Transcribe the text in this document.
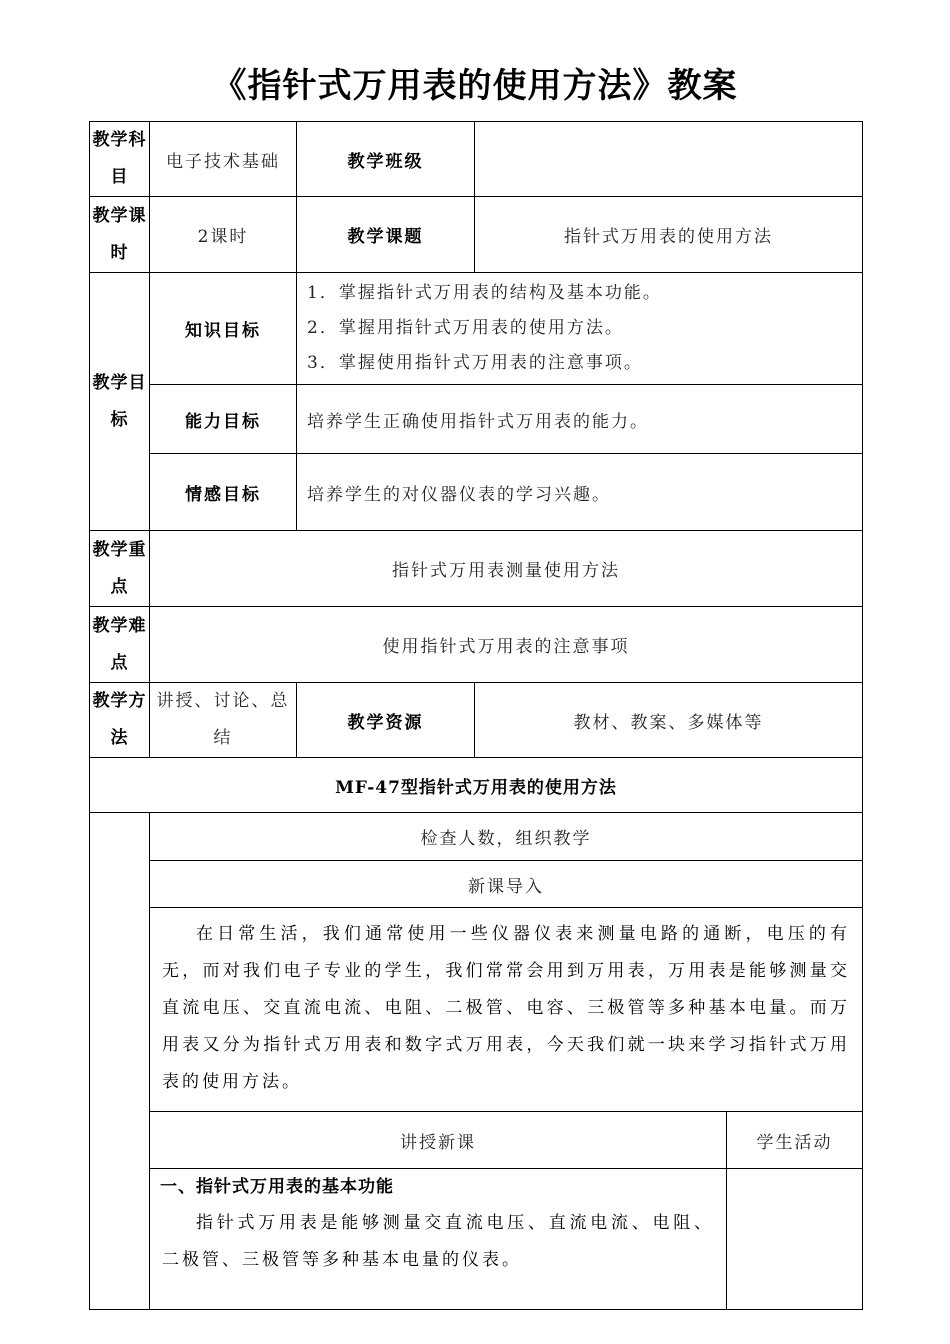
《指针式万用表的使用方法》教案
教学科目	电子技术基础	教学班级		
教学课时	2课时	教学课题	指针式万用表的使用方法	
教学目标	知识目标	1．掌握指针式万用表的结构及基本功能。
2．掌握用指针式万用表的使用方法。
3．掌握使用指针式万用表的注意事项。		

	能力目标	培养学生正确使用指针式万用表的能力。		
	情感目标	培养学生的对仪器仪表的学习兴趣。		
教学重点	指针式万用表测量使用方法			
教学难点	使用指针式万用表的注意事项			
教学方法	讲授、讨论、总结	教学资源	教材、教案、多媒体等	
MF-47型指针式万用表的使用方法				
	检查人数，组织教学			
	新课导入			
	在日常生活，我们通常使用一些仪器仪表来测量电路的通断，电压的有无，而对我们电子专业的学生，我们常常会用到万用表，万用表是能够测量交直流电压、交直流电流、电阻、二极管、电容、三极管等多种基本电量。而万用表又分为指针式万用表和数字式万用表，今天我们就一块来学习指针式万用表的使用方法。			
	讲授新课			学生活动

	一、指针式万用表的基本功能
指针式万用表是能够测量交直流电压、直流电流、电阻、二极管、三极管等多种基本电量的仪表。			
